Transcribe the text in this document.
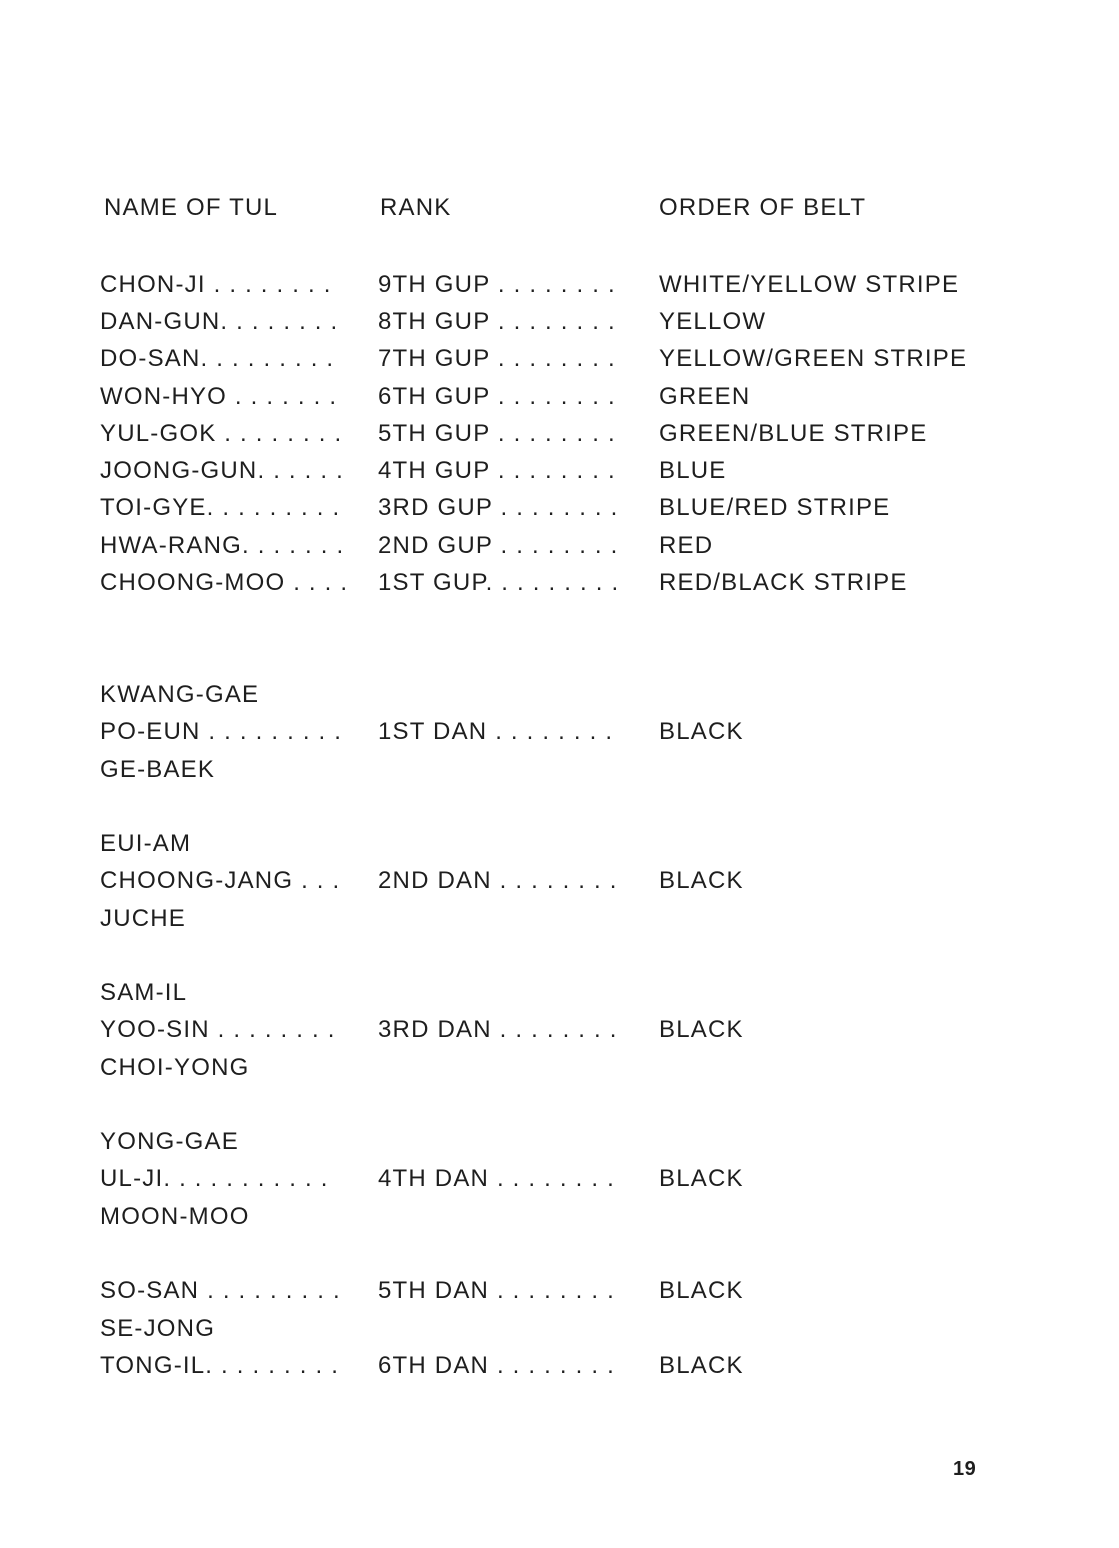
NAME OF TUL	RANK	ORDER OF BELT
CHON-JI . . . . . . . . 9TH GUP . . . . . . . . WHITE/YELLOW STRIPE
DAN-GUN. . . . . . . . 8TH GUP . . . . . . . . YELLOW
DO-SAN. . . . . . . . . 7TH GUP . . . . . . . . YELLOW/GREEN STRIPE
WON-HYO . . . . . . . 6TH GUP . . . . . . . . GREEN
YUL-GOK . . . . . . . . 5TH GUP . . . . . . . . GREEN/BLUE STRIPE
JOONG-GUN. . . . . . 4TH GUP . . . . . . . . BLUE
TOI-GYE. . . . . . . . . 3RD GUP . . . . . . . . BLUE/RED STRIPE
HWA-RANG. . . . . . . 2ND GUP . . . . . . . . RED
CHOONG-MOO . . . . 1ST GUP. . . . . . . . . RED/BLACK STRIPE
KWANG-GAE
PO-EUN . . . . . . . . . 1ST DAN . . . . . . . . BLACK
GE-BAEK
EUI-AM
CHOONG-JANG . . . 2ND DAN . . . . . . . . BLACK
JUCHE
SAM-IL
YOO-SIN . . . . . . . . 3RD DAN . . . . . . . . BLACK
CHOI-YONG
YONG-GAE
UL-JI. . . . . . . . . . . 4TH DAN . . . . . . . . BLACK
MOON-MOO
SO-SAN . . . . . . . . . 5TH DAN . . . . . . . . BLACK
SE-JONG
TONG-IL. . . . . . . . . 6TH DAN . . . . . . . . BLACK
19
